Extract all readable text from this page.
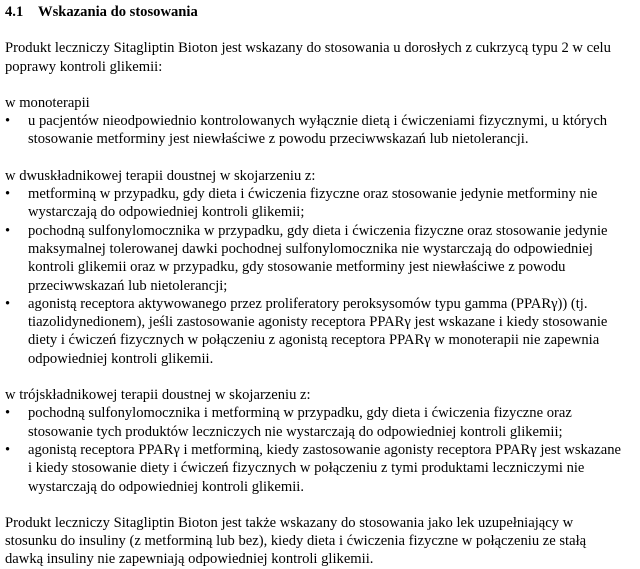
4.1 Wskazania do stosowania

Produkt leczniczy Sitagliptin Bioton jest wskazany do stosowania u dorosłych z cukrzycą typu 2 w celu poprawy kontroli glikemii:

w monoterapii

•	u pacjentów nieodpowiednio kontrolowanych wyłącznie dietą i ćwiczeniami fizycznymi, u których stosowanie metforminy jest niewłaściwe z powodu przeciwwskazań lub nietolerancji.

w dwuskładnikowej terapii doustnej w skojarzeniu z:

•	metforminą w przypadku, gdy dieta i ćwiczenia fizyczne oraz stosowanie jedynie metforminy nie wystarczają do odpowiedniej kontroli glikemii;
•	pochodną sulfonylomocznika w przypadku, gdy dieta i ćwiczenia fizyczne oraz stosowanie jedynie maksymalnej tolerowanej dawki pochodnej sulfonylomocznika nie wystarczają do odpowiedniej kontroli glikemii oraz w przypadku, gdy stosowanie metforminy jest niewłaściwe z powodu przeciwwskazań lub nietolerancji;
•	agonistą receptora aktywowanego przez proliferatory peroksysomów typu gamma (PPARγ)) (tj. tiazolidynedionem), jeśli zastosowanie agonisty receptora PPARγ jest wskazane i kiedy stosowanie diety i ćwiczeń fizycznych w połączeniu z agonistą receptora PPARγ w monoterapii nie zapewnia odpowiedniej kontroli glikemii.

w trójskładnikowej terapii doustnej w skojarzeniu z:

•	pochodną sulfonylomocznika i metforminą w przypadku, gdy dieta i ćwiczenia fizyczne oraz stosowanie tych produktów leczniczych nie wystarczają do odpowiedniej kontroli glikemii;
•	agonistą receptora PPARγ i metforminą, kiedy zastosowanie agonisty receptora PPARγ jest wskazane i kiedy stosowanie diety i ćwiczeń fizycznych w połączeniu z tymi produktami leczniczymi nie wystarczają do odpowiedniej kontroli glikemii.

Produkt leczniczy Sitagliptin Bioton jest także wskazany do stosowania jako lek uzupełniający w stosunku do insuliny (z metforminą lub bez), kiedy dieta i ćwiczenia fizyczne w połączeniu ze stałą dawką insuliny nie zapewniają odpowiedniej kontroli glikemii.
